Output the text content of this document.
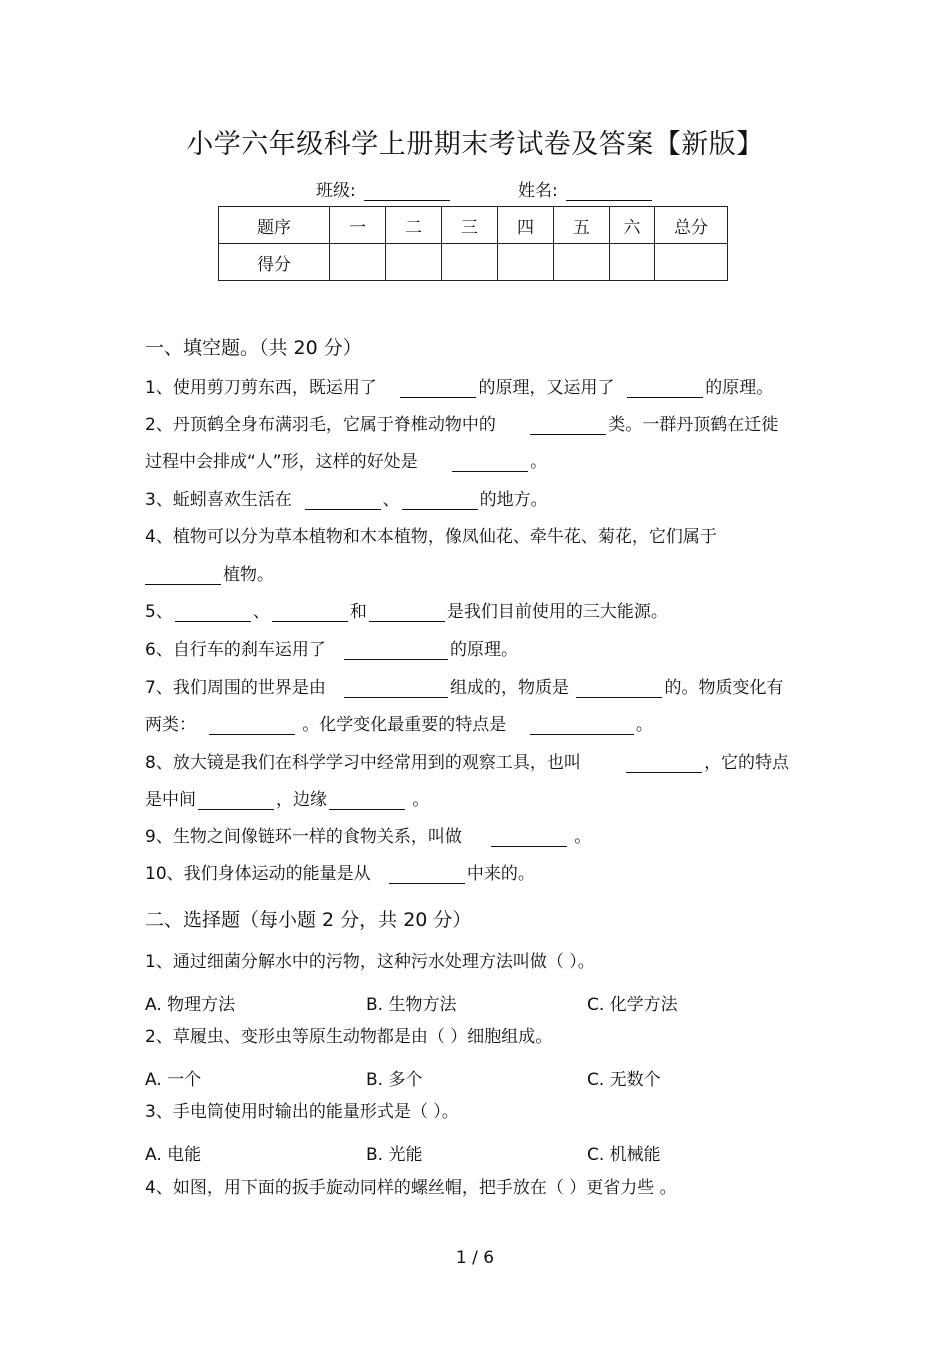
小学六年级科学上册期末考试卷及答案【新版】
班级:	姓名:
题序	一	二	三	四	五	六	总分
得分							
一、填空题。（共 20 分）
1、使用剪刀剪东西，既运用了	的原理，又运用了	的原理。
2、丹顶鹤全身布满羽毛，它属于脊椎动物中的	类。一群丹顶鹤在迁徙
过程中会排成“人”形，这样的好处是	。
3、蚯蚓喜欢生活在	、	的地方。
4、植物可以分为草本植物和木本植物，像凤仙花、牵牛花、菊花，它们属于
植物。
5、	、	和	是我们目前使用的三大能源。
6、自行车的刹车运用了	的原理。
7、我们周围的世界是由	组成的，物质是	的。物质变化有
两类：	。化学变化最重要的特点是	。
8、放大镜是我们在科学学习中经常用到的观察工具，也叫	，它的特点
是中间	，边缘	。
9、生物之间像链环一样的食物关系，叫做	。
10、我们身体运动的能量是从	中来的。
二、选择题（每小题 2 分，共 20 分）
1、通过细菌分解水中的污物，这种污水处理方法叫做（ ）。
A. 物理方法	B. 生物方法	C. 化学方法
2、草履虫、变形虫等原生动物都是由（ ）细胞组成。
A. 一个	B. 多个	C. 无数个
3、手电筒使用时输出的能量形式是（ ）。
A. 电能	B. 光能	C. 机械能
4、如图，用下面的扳手旋动同样的螺丝帽，把手放在（ ）更省力些 。
1 / 6
